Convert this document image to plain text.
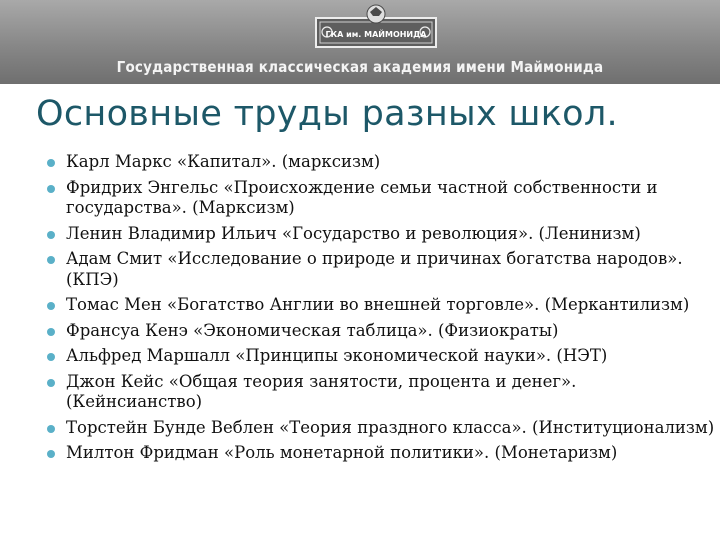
ГКА им. МАЙМОНИДА
Государственная классическая академия имени Маймонида
Основные труды разных школ.
Карл Маркс «Капитал». (марксизм)
Фридрих Энгельс «Происхождение семьи частной собственности и государства». (Марксизм)
Ленин Владимир Ильич «Государство и революция». (Ленинизм)
Адам Смит «Исследование о природе и причинах богатства народов». (КПЭ)
Томас Мен «Богатство Англии во внешней торговле». (Меркантилизм)
Франсуа Кенэ «Экономическая таблица». (Физиократы)
Альфред Маршалл «Принципы экономической науки». (НЭТ)
Джон Кейс «Общая теория занятости, процента и денег». (Кейнсианство)
Торстейн Бунде Веблен «Теория праздного класса». (Институционализм)
Милтон Фридман «Роль монетарной политики». (Монетаризм)
